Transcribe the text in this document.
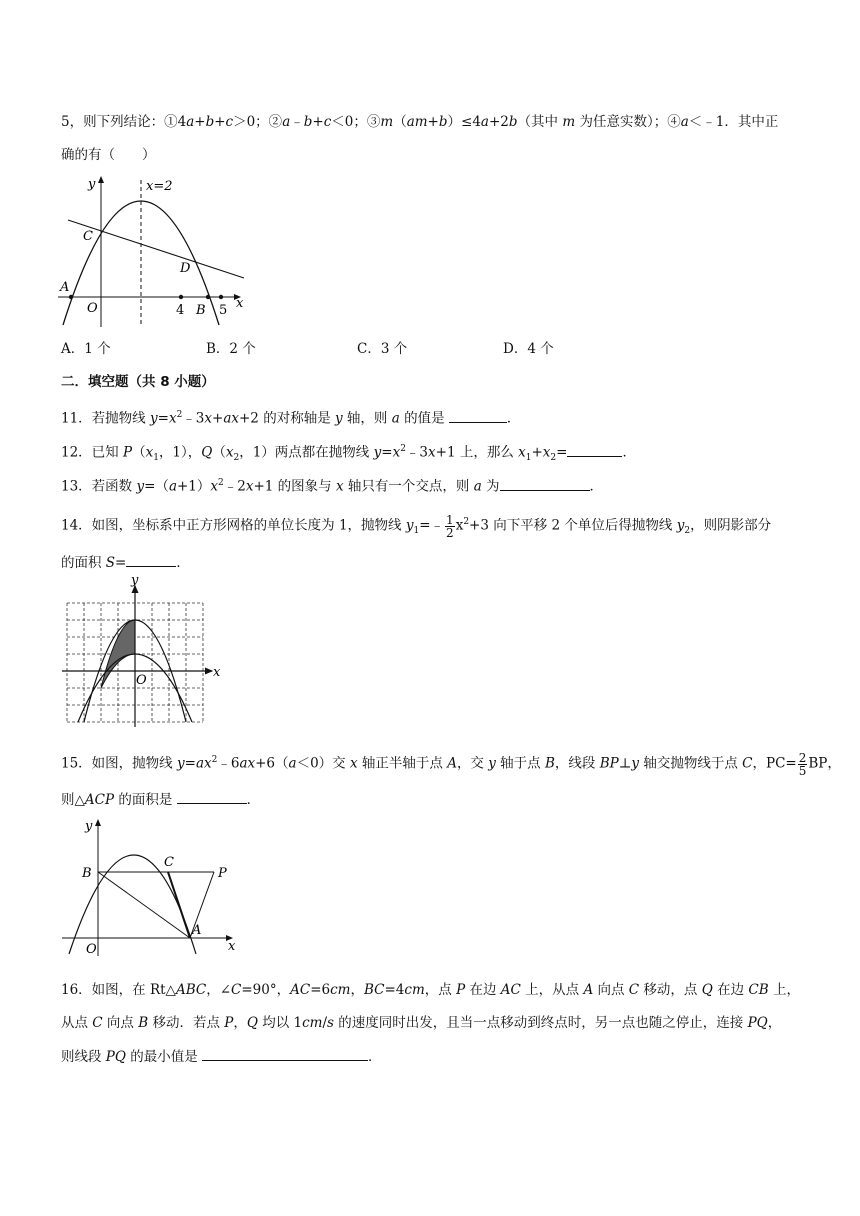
5，则下列结论：①4a+b+c＞0；②a﹣b+c＜0；③m（am+b）≤4a+2b（其中 m 为任意实数）；④a＜﹣1．其中正
确的有（　　）
y	x=2
C
D
A
O	4 B 5 x
A．1 个	B．2 个	C．3 个	D．4 个
二．填空题（共 8 小题）
11．若抛物线 $y=x^2﹣3x+ax+2$ 的对称轴是 y 轴，则 a 的值是	．
12．已知 $P(x_1$，1），$Q(x_2$，1）两点都在抛物线 $y=x^2﹣3x+1$ 上，那么 $x_1+x_2=$	．
13．若函数 $y=(a+1)x^2﹣2x+1$ 的图象与 x 轴只有一个交点，则 a 为	．
14．如图，坐标系中正方形网格的单位长度为 1，抛物线 $y_1=﹣ \frac{1}{2} x^2+3$ 向下平移 2 个单位后得抛物线 $y_2$，则阴影部分
的面积 S=	．
y
x
O
15．如图，抛物线 $y=ax^2﹣6ax+6(a<0)$交 x 轴正半轴于点 A，交 y 轴于点 B，线段 BP⊥y 轴交抛物线于点 C，$PC= \frac{2}{5}$ BP，
则△ACP 的面积是	．
y
B
C
P
O
A
x
16．如图，在 Rt△ABC，∠C=90°，AC=6cm，BC=4cm，点 P 在边 AC 上，从点 A 向点 C 移动，点 Q 在边 CB 上，
从点 C 向点 B 移动．若点 P，Q 均以 1cm/s 的速度同时出发，且当一点移动到终点时，另一点也随之停止，连接 PQ，
则线段 PQ 的最小值是	．
